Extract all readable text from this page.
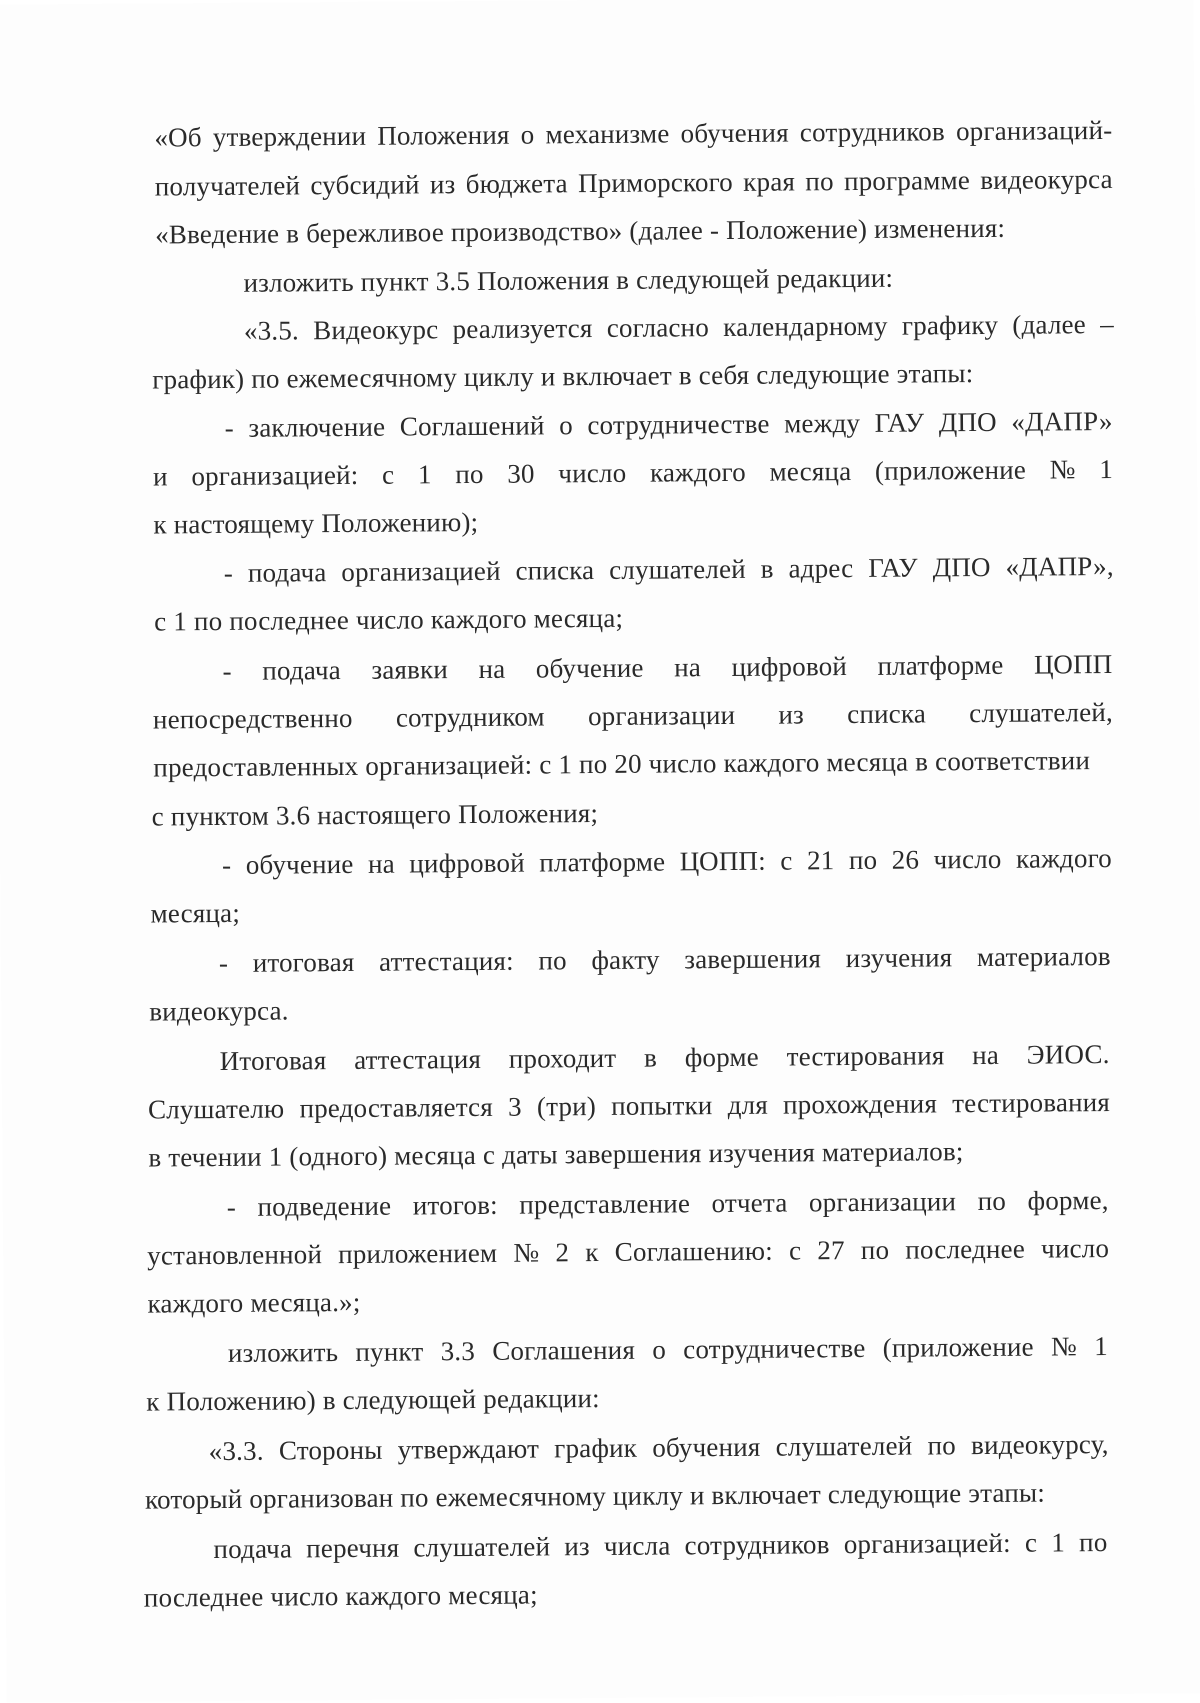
«Об утверждении Положения о механизме обучения сотрудников организаций-
получателей субсидий из бюджета Приморского края по программе видеокурса
«Введение в бережливое производство» (далее - Положение) изменения:
изложить пункт 3.5 Положения в следующей редакции:
«3.5. Видеокурс реализуется согласно календарному графику (далее –
график) по ежемесячному циклу и включает в себя следующие этапы:
- заключение Соглашений о сотрудничестве между ГАУ ДПО «ДАПР»
и организацией: с 1 по 30 число каждого месяца (приложение № 1
к настоящему Положению);
- подача организацией списка слушателей в адрес ГАУ ДПО «ДАПР»,
с 1 по последнее число каждого месяца;
- подача заявки на обучение на цифровой платформе ЦОПП
непосредственно сотрудником организации из списка слушателей,
предоставленных организацией: с 1 по 20 число каждого месяца в соответствии
с пунктом 3.6 настоящего Положения;
- обучение на цифровой платформе ЦОПП: с 21 по 26 число каждого
месяца;
- итоговая аттестация: по факту завершения изучения материалов
видеокурса.
Итоговая аттестация проходит в форме тестирования на ЭИОС.
Слушателю предоставляется 3 (три) попытки для прохождения тестирования
в течении 1 (одного) месяца с даты завершения изучения материалов;
- подведение итогов: представление отчета организации по форме,
установленной приложением № 2 к Соглашению: с 27 по последнее число
каждого месяца.»;
изложить пункт 3.3 Соглашения о сотрудничестве (приложение № 1
к Положению) в следующей редакции:
«3.3. Стороны утверждают график обучения слушателей по видеокурсу,
который организован по ежемесячному циклу и включает следующие этапы:
подача перечня слушателей из числа сотрудников организацией: с 1 по
последнее число каждого месяца;
